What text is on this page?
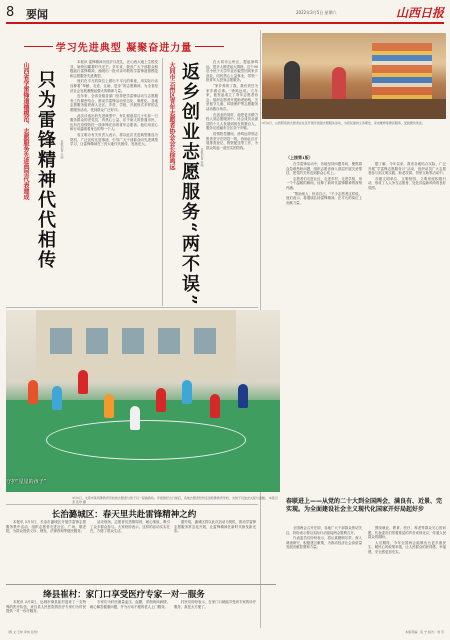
8 要闻	2022年3月5日 星期六	山西日报
学习先进典型 凝聚奋进力量
山西省学雷锋道德模范、志愿服务先进典型代表建成 只为雷锋精神代代相传	本报记者 王帅

本报讯 雷锋精神历经岁月洗礼，在山西大地上生根发芽，始终闪耀着时代光芒。多年来，我省广大干部群众积极践行雷锋精神，涌现出一批可亲可敬的学雷锋道德模范和志愿服务先进典型。

他们在平凡的岗位上做出不平凡的事迹，用实际行动诠释着“奉献、友爱、互助、进步”的志愿精神，为全省经济社会发展凝聚起强大的精神力量。

近年来，全省各级各部门坚持把学雷锋活动与志愿服务工作紧密结合，推动学雷锋活动常态化、制度化。各地志愿服务组织深入社区、乡村、学校，开展形式多样的志愿服务活动，受到群众广泛好评。

此次评选出的先进典型中，有扎根基层几十年如一日服务群众的老党员，有热心公益、乐于助人的普通市民，也有在疫情防控一线冲锋在前的青年志愿者。他们用爱心和行动温暖着身边的每一个人。

省文明办有关负责人表示，将以此次先进典型推选为契机，广泛宣传先进事迹，引导广大干部群众向先进典型学习，让雷锋精神在三晋大地代代相传、发扬光大。	大同市云州区青年志愿者协会会长徐鸣远 返乡创业志愿服务“两不误” 本报记者 李纯

在大同市云州区，提起徐鸣远，很多人都竖起大拇指。这个90后小伙子大学毕业后毅然回到家乡创业，同时热心公益事业，带领一批青年人投身志愿服务。

“家乡养育了我，我有责任为家乡做点事。”徐鸣远说。几年来，他发起成立了青年志愿者协会，组织志愿者开展助老助残、关爱留守儿童、环境保护等志愿服务活动数百场次。

在创业的同时，他把更多精力投入到志愿服务中。协会成员从最初的十几人发展到现在的数百人，服务足迹遍布全区各个乡镇。

疫情防控期间，徐鸣远带领志愿者坚守在防控一线，协助社区开展排查登记、物资配送等工作，为群众筑起一道坚实的防线。

3月4日，山西阳泉的志愿者在社区开展学雷锋志愿服务活动，为居民提供义务理发、家电维修等便民服务，受到群众欢迎。
（上接第1版）

在学雷锋活动中，各地坚持问题导向，聚焦群众急难愁盼问题，组织志愿者深入基层开展关爱帮扶，把党的关怀送到群众心坎上。

志愿者们走进社区、走进乡村、走进学校，用一个个温暖的瞬间，诠释了新时代雷锋精神的深刻内涵。

“帮助别人，快乐自己。”不少志愿者这样说。他们表示，将继续弘扬雷锋精神，在平凡的岗位上贡献力量。

据了解，今年以来，我省各地结合实际，广泛开展“学雷锋志愿服务月”活动，组织动员广大志愿者参与到文明实践、助老扶弱、邻里互助等活动中。

各级文明单位、文明校园、文明家庭积极行动，形成了人人争当志愿者、处处洋溢新风尚的良好氛围。

守护“星星的孩子”
3月3日，太原市某特殊教育学校的志愿者与孩子们一起做游戏。学雷锋纪念日前后，各地志愿者纷纷走进特殊教育学校，为孩子们送去关爱与温暖。 本报记者 张珍 摄	春联进上——从党的二十大到全国两会，满良有、近景、完实现。为全面建设社会主义现代化国家开好局起好步

全国两会召开在即，各地广大干部群众热切关注，纷纷表示要以实际行动迎接两会胜利召开。

代表委员们纷纷表示，将认真履职尽责，深入调查研究，积极建言献策，为推动经济社会高质量发展贡献智慧和力量。

围绕就业、教育、医疗、养老等群众关心的问题，代表委员们带着基层的声音来到北京，传递人民群众的期盼。

人们期待，今年全国两会能够出台更多惠民生、暖民心的政策举措，让人民群众的获得感、幸福感、安全感更加充实。

长治潞城区：春天里共赴雷锋精神之约

本报讯 3月5日，长治市潞城区开展学雷锋志愿服务集中活动，组织志愿者走进社区、广场、敬老院，为群众提供义诊、理发、法律咨询等便民服务。

活动现场，志愿者们热情周到，耐心细致，吸引了众多群众参与。大家纷纷表示，这样的活动实实在在，方便了群众生活。

据介绍，潞城区将以此次活动为契机，推动学雷锋志愿服务常态化开展，让雷锋精神在新时代焕发新光彩。

绛县崔村：家门口享受医疗专家一对一服务

本报讯 3月4日，运城市绛县崔村迎来了一支特殊的医疗队伍，来自县人民医院的医疗专家们为村民提供一对一诊疗服务。

专家们为村民测量血压、血糖，详细询问病情，耐心解答健康问题，并为行动不便的老人上门服务。

村民们纷纷表示，在家门口就能享受到专家的诊疗服务，真是太方便了。

（图 文 王帅 李纯 张珍）	本版责编：张 宁 版式：刘 芳
